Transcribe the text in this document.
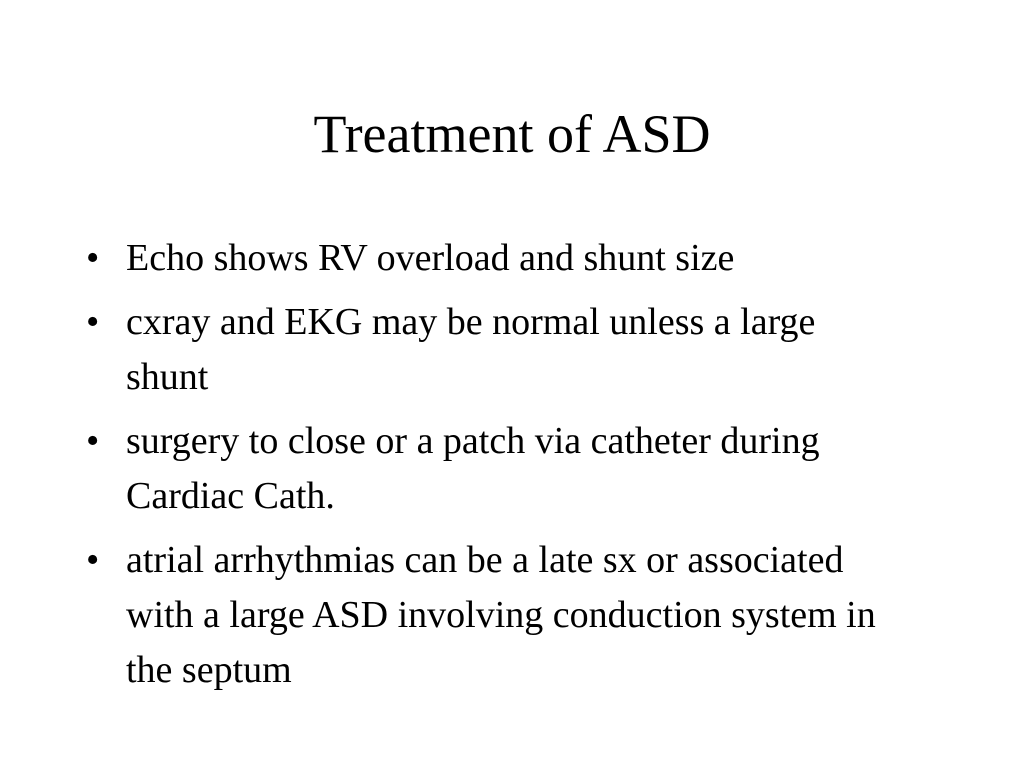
Treatment of ASD
• Echo shows RV overload and shunt size
• cxray and EKG may be normal unless a large shunt
• surgery to close or a patch via catheter during Cardiac Cath.
• atrial arrhythmias can be a late sx or associated with a large ASD involving conduction system in the septum
